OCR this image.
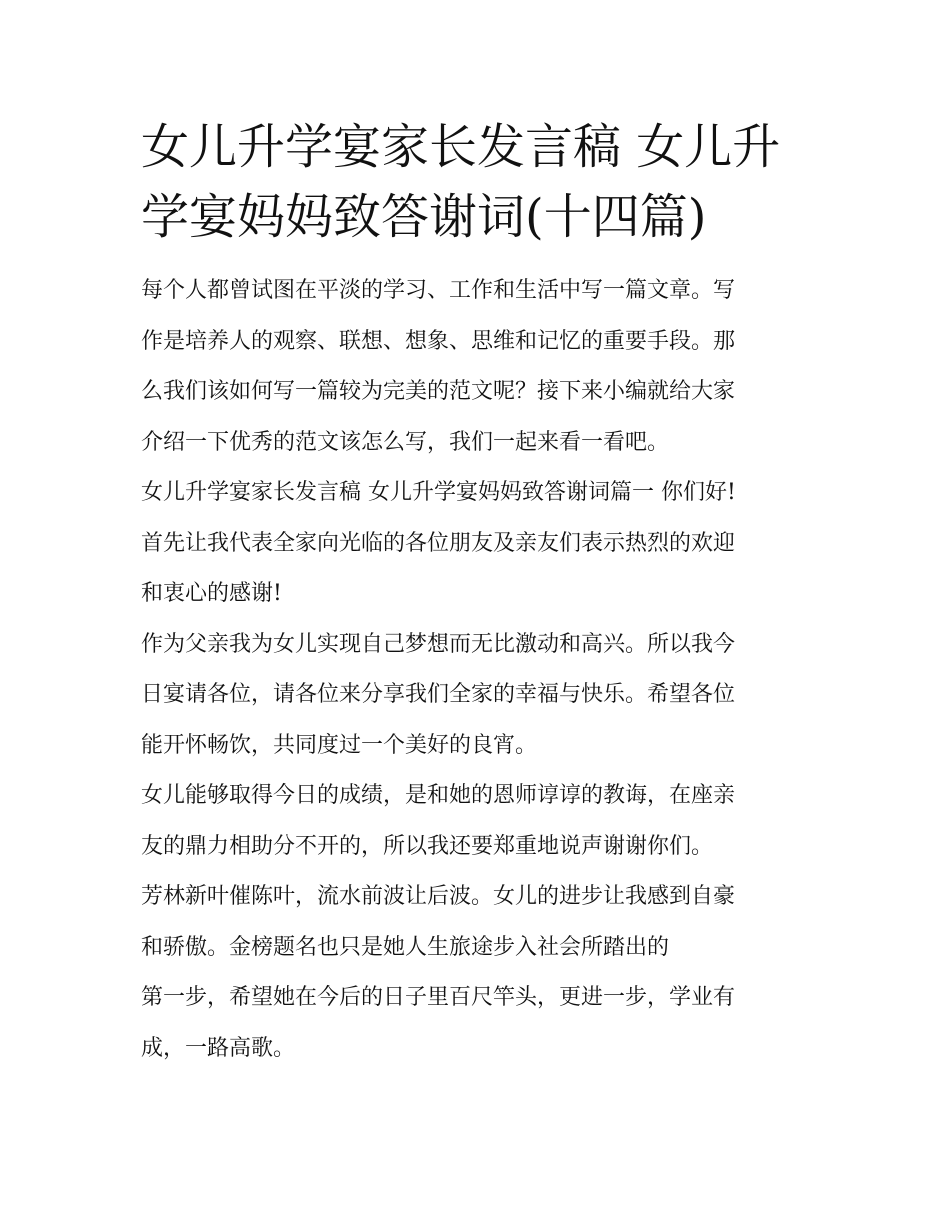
女儿升学宴家长发言稿 女儿升
学宴妈妈致答谢词(十四篇)

每个人都曾试图在平淡的学习、工作和生活中写一篇文章。写
作是培养人的观察、联想、想象、思维和记忆的重要手段。那
么我们该如何写一篇较为完美的范文呢？接下来小编就给大家
介绍一下优秀的范文该怎么写，我们一起来看一看吧。

女儿升学宴家长发言稿 女儿升学宴妈妈致答谢词篇一 你们好!
首先让我代表全家向光临的各位朋友及亲友们表示热烈的欢迎
和衷心的感谢!

作为父亲我为女儿实现自己梦想而无比激动和高兴。所以我今
日宴请各位，请各位来分享我们全家的幸福与快乐。希望各位
能开怀畅饮，共同度过一个美好的良宵。

女儿能够取得今日的成绩，是和她的恩师谆谆的教诲，在座亲
友的鼎力相助分不开的，所以我还要郑重地说声谢谢你们。

芳林新叶催陈叶，流水前波让后波。女儿的进步让我感到自豪
和骄傲。金榜题名也只是她人生旅途步入社会所踏出的

第一步，希望她在今后的日子里百尺竿头，更进一步，学业有
成，一路高歌。
